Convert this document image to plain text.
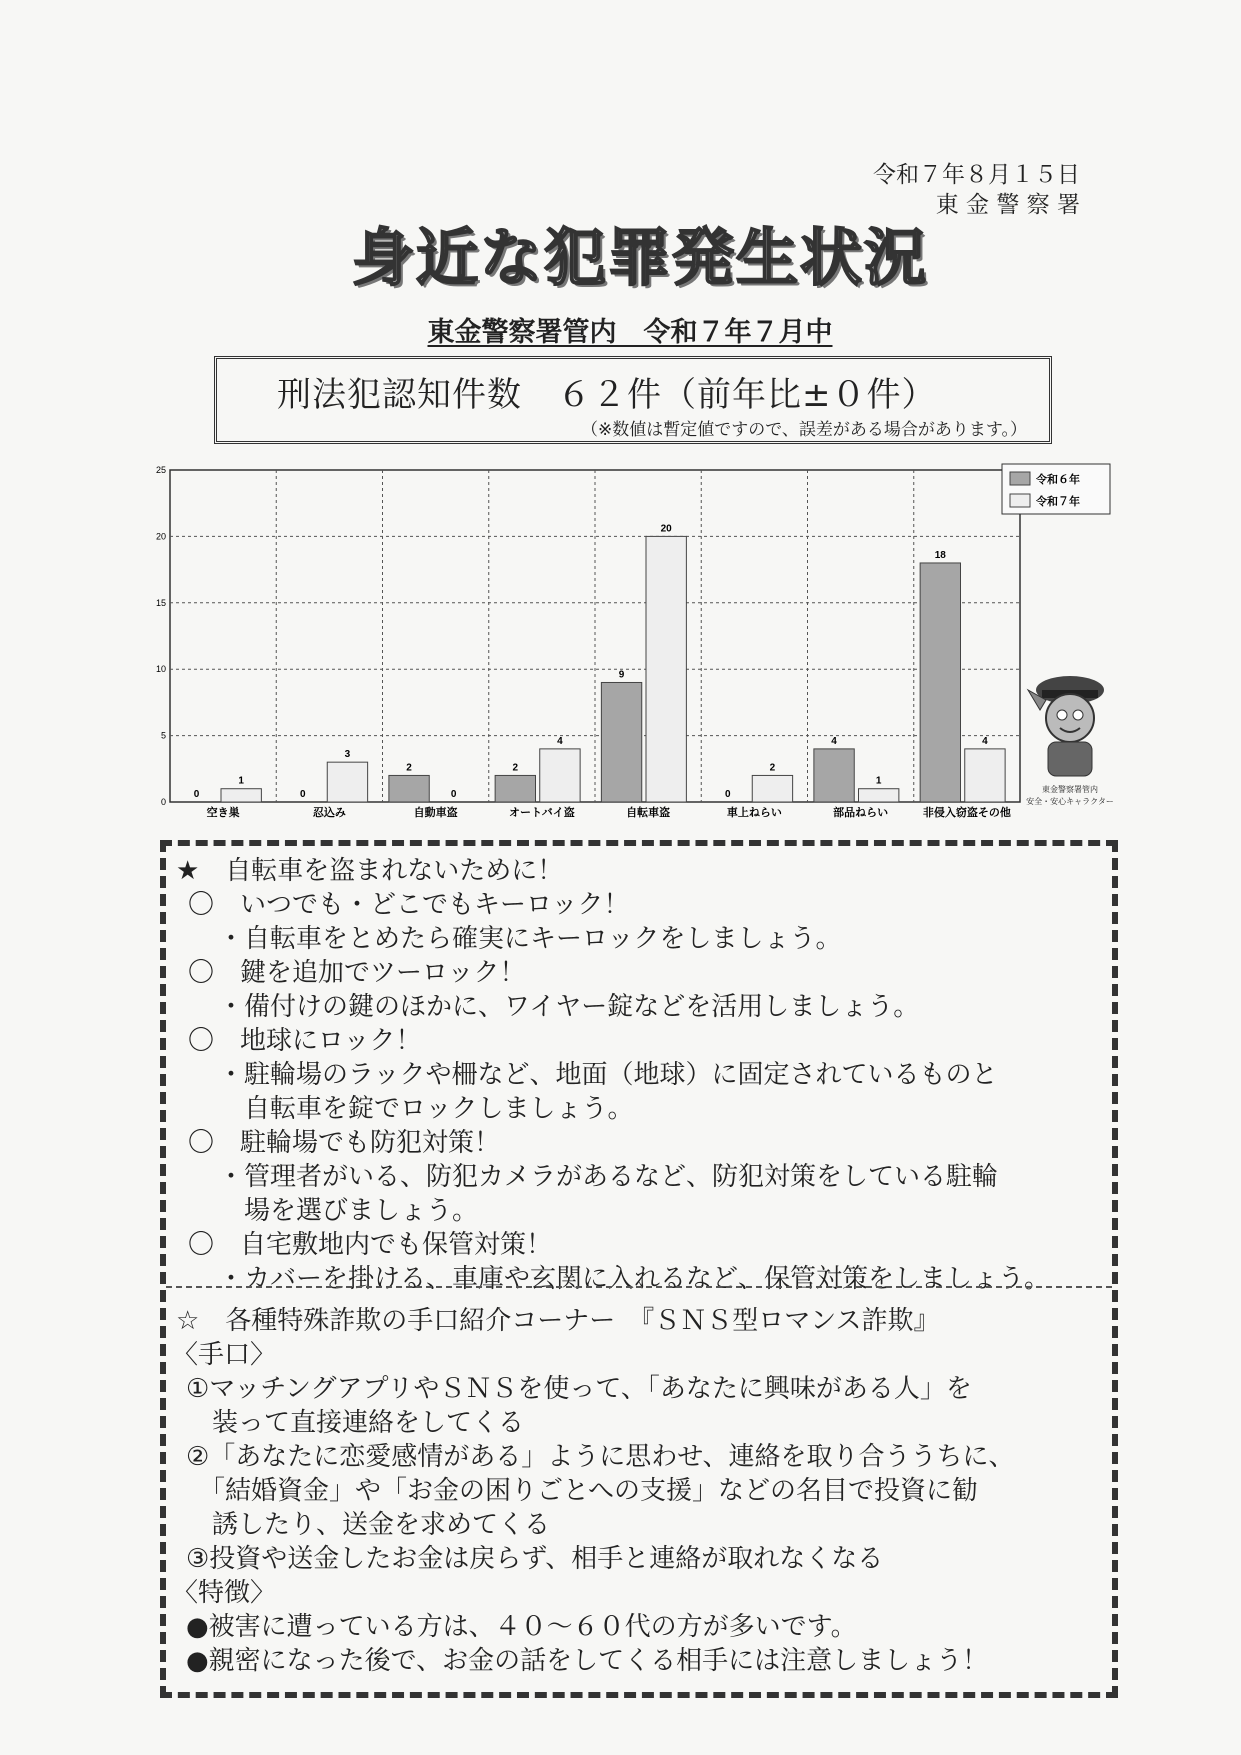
令和７年８月１５日
東 金 警 察 署
身近な犯罪発生状況
東金警察署管内　令和７年７月中
刑法犯認知件数　６２件（前年比±０件）
（※数値は暫定値ですので、誤差がある場合があります。）
0
5
10
15
20
25
0
1
空き巣
0
3
忍込み
2
0
自動車盗
2
4
オートバイ盗
9
20
自転車盗
0
2
車上ねらい
4
1
部品ねらい
18
4
非侵入窃盗その他
令和６年
令和７年
東金警察署管内
安全・安心キャラクター
★　自転車を盗まれないために！
〇　いつでも・どこでもキーロック！
・自転車をとめたら確実にキーロックをしましょう。
〇　鍵を追加でツーロック！
・備付けの鍵のほかに、ワイヤー錠などを活用しましょう。
〇　地球にロック！
・駐輪場のラックや柵など、地面（地球）に固定されているものと
　自転車を錠でロックしましょう。
〇　駐輪場でも防犯対策！
・管理者がいる、防犯カメラがあるなど、防犯対策をしている駐輪
　場を選びましょう。
〇　自宅敷地内でも保管対策！
・カバーを掛ける、車庫や玄関に入れるなど、保管対策をしましょう。
☆　各種特殊詐欺の手口紹介コーナー　『ＳＮＳ型ロマンス詐欺』
〈手口〉
①マッチングアプリやＳＮＳを使って、「あなたに興味がある人」を
　装って直接連絡をしてくる
②「あなたに恋愛感情がある」ように思わせ、連絡を取り合ううちに、
　「結婚資金」や「お金の困りごとへの支援」などの名目で投資に勧
　誘したり、送金を求めてくる
③投資や送金したお金は戻らず、相手と連絡が取れなくなる
〈特徴〉
●被害に遭っている方は、４０～６０代の方が多いです。
●親密になった後で、お金の話をしてくる相手には注意しましょう！
